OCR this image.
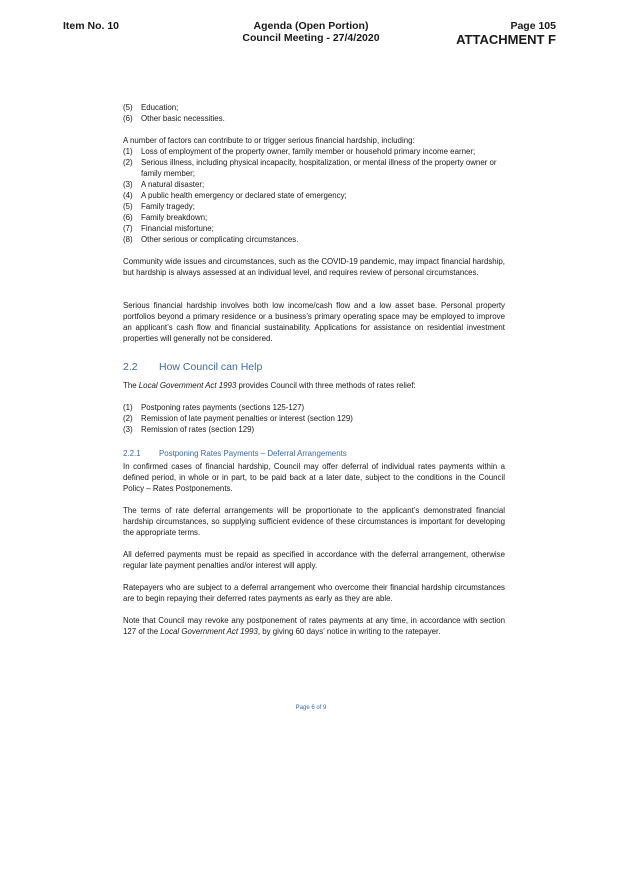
Item No. 10	Agenda (Open Portion)
Council Meeting - 27/4/2020
Page 105
ATTACHMENT F
(5) Education;
(6) Other basic necessities.

A number of factors can contribute to or trigger serious financial hardship, including:

(1) Loss of employment of the property owner, family member or household primary income earner;
(2) Serious illness, including physical incapacity, hospitalization, or mental illness of the property owner or family member;
(3) A natural disaster;
(4) A public health emergency or declared state of emergency;
(5) Family tragedy;
(6) Family breakdown;
(7) Financial misfortune;
(8) Other serious or complicating circumstances.

Community wide issues and circumstances, such as the COVID-19 pandemic, may impact financial hardship, but hardship is always assessed at an individual level, and requires review of personal circumstances.

Serious financial hardship involves both low income/cash flow and a low asset base. Personal property portfolios beyond a primary residence or a business’s primary operating space may be employed to improve an applicant’s cash flow and financial sustainability. Applications for assistance on residential investment properties will generally not be considered.

2.2 How Council can Help

The Local Government Act 1993 provides Council with three methods of rates relief:

(1) Postponing rates payments (sections 125-127)
(2) Remission of late payment penalties or interest (section 129)
(3) Remission of rates (section 129)
2.2.1 Postponing Rates Payments – Deferral Arrangements

In confirmed cases of financial hardship, Council may offer deferral of individual rates payments within a defined period, in whole or in part, to be paid back at a later date, subject to the conditions in the Council Policy – Rates Postponements.

The terms of rate deferral arrangements will be proportionate to the applicant’s demonstrated financial hardship circumstances, so supplying sufficient evidence of these circumstances is important for developing the appropriate terms.

All deferred payments must be repaid as specified in accordance with the deferral arrangement, otherwise regular late payment penalties and/or interest will apply.

Ratepayers who are subject to a deferral arrangement who overcome their financial hardship circumstances are to begin repaying their deferred rates payments as early as they are able.

Note that Council may revoke any postponement of rates payments at any time, in accordance with section 127 of the Local Government Act 1993, by giving 60 days’ notice in writing to the ratepayer.

Page 6 of 9
